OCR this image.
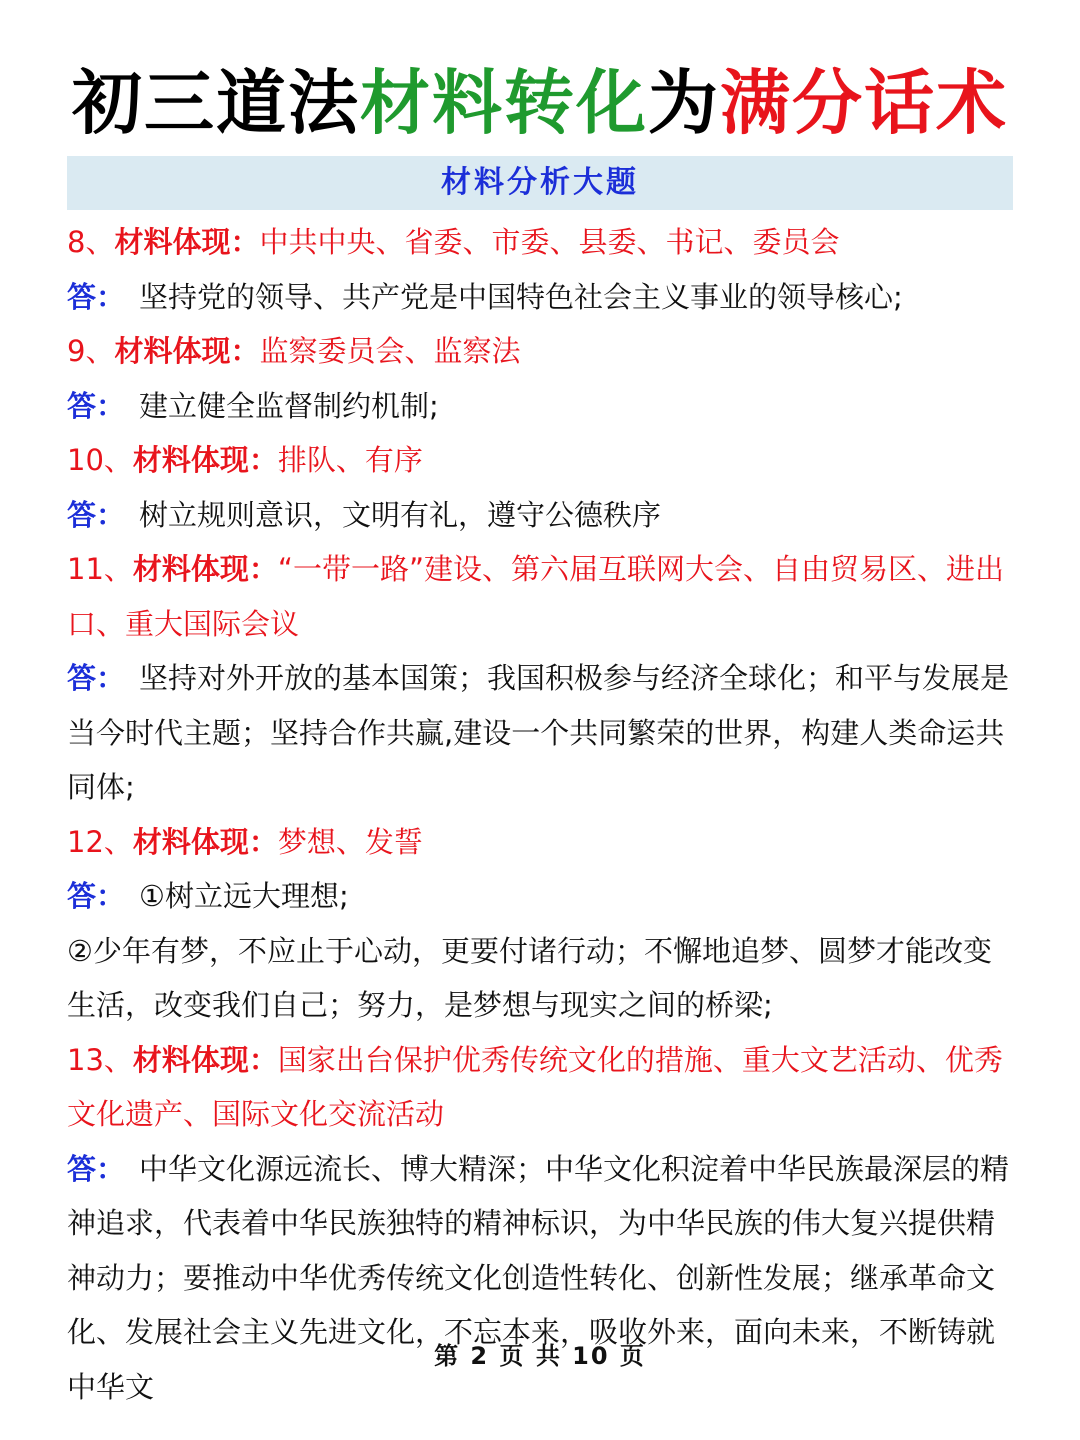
初三道法材料转化为满分话术
材料分析大题

8、材料体现：中共中央、省委、市委、县委、书记、委员会

答： 坚持党的领导、共产党是中国特色社会主义事业的领导核心;

9、材料体现：监察委员会、监察法

答： 建立健全监督制约机制;

10、材料体现：排队、有序

答： 树立规则意识，文明有礼，遵守公德秩序

11、材料体现：“一带一路”建设、第六届互联网大会、自由贸易区、进出口、重大国际会议

答： 坚持对外开放的基本国策；我国积极参与经济全球化；和平与发展是当今时代主题；坚持合作共赢,建设一个共同繁荣的世界，构建人类命运共同体;

12、材料体现：梦想、发誓

答： ①树立远大理想;

②少年有梦，不应止于心动，更要付诸行动；不懈地追梦、圆梦才能改变生活，改变我们自己；努力，是梦想与现实之间的桥梁;

13、材料体现：国家出台保护优秀传统文化的措施、重大文艺活动、优秀文化遗产、国际文化交流活动

答： 中华文化源远流长、博大精深；中华文化积淀着中华民族最深层的精神追求，代表着中华民族独特的精神标识，为中华民族的伟大复兴提供精神动力；要推动中华优秀传统文化创造性转化、创新性发展；继承革命文化、发展社会主义先进文化，不忘本来，吸收外来，面向未来，不断铸就中华文

第 2 页 共 10 页
